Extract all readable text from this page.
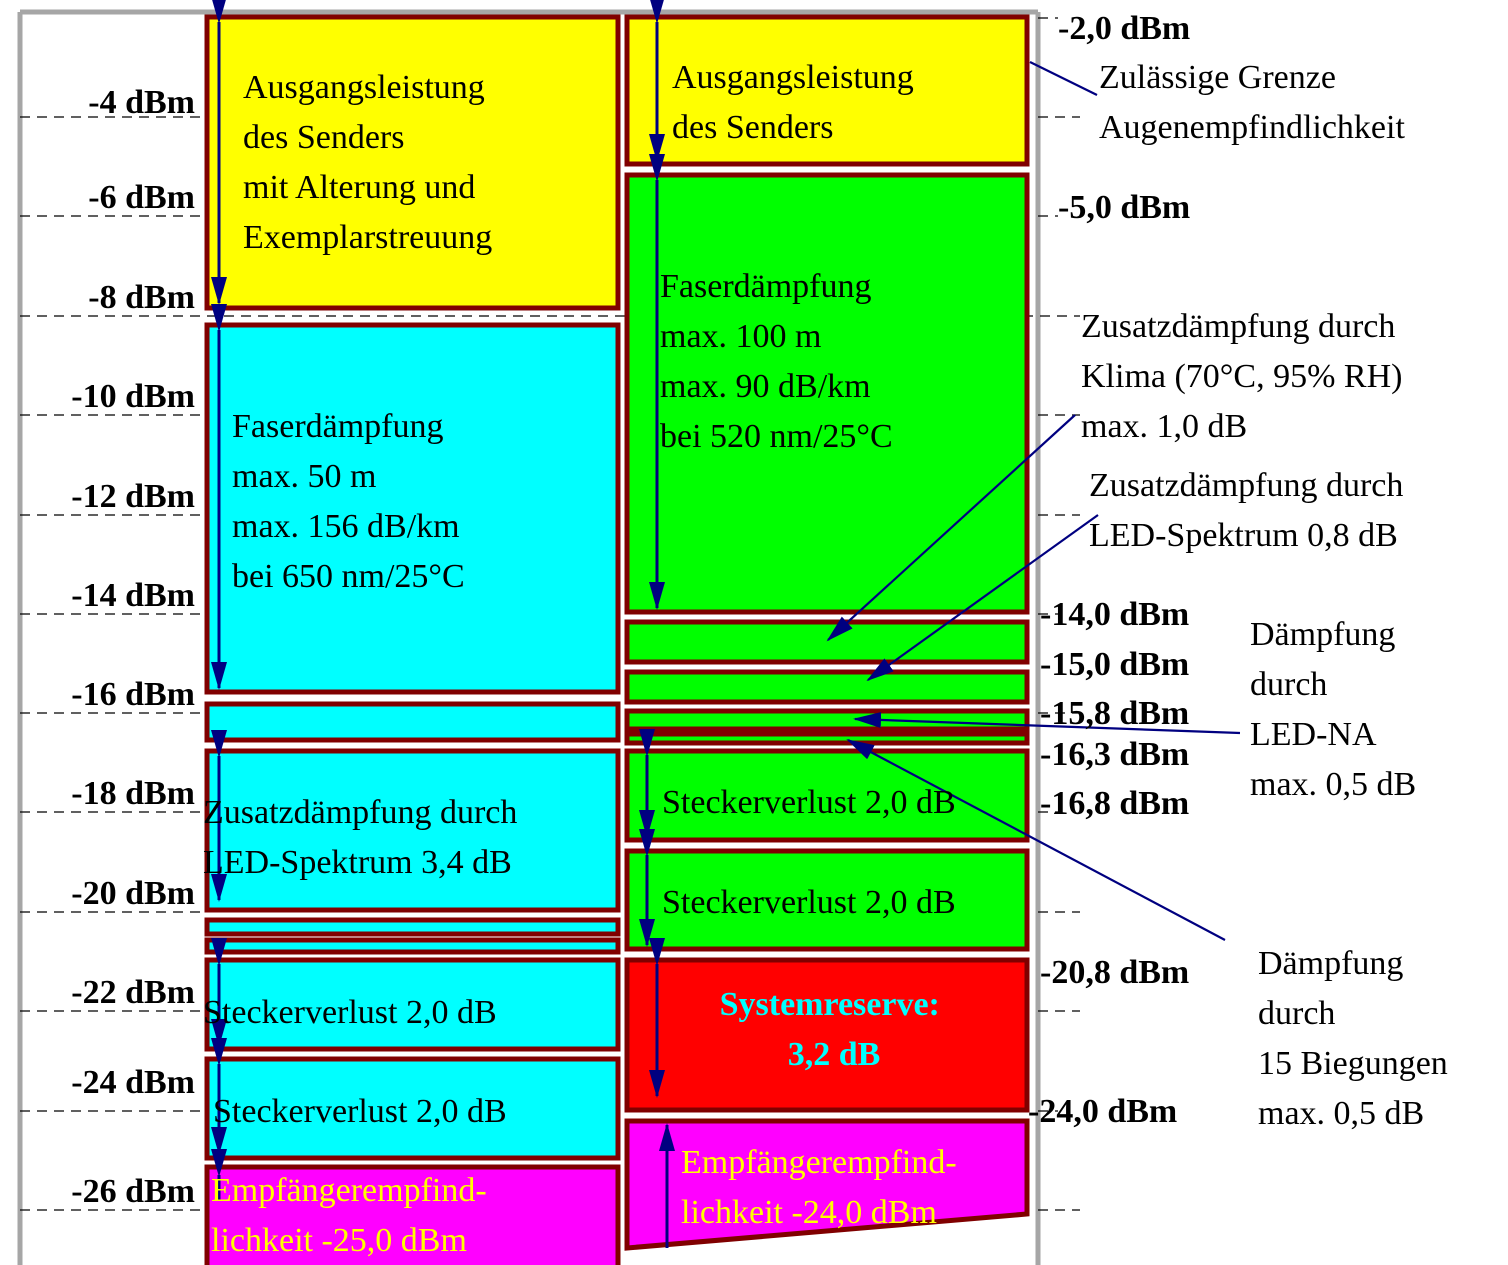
-4 dBm
-6 dBm
-8 dBm
-10 dBm
-12 dBm
-14 dBm
-16 dBm
-18 dBm
-20 dBm
-22 dBm
-24 dBm
-26 dBm
-2,0 dBm
-5,0 dBm
-14,0 dBm
-15,0 dBm
-15,8 dBm
-16,3 dBm
-16,8 dBm
-20,8 dBm
-24,0 dBm
Ausgangsleistung des Senders mit Alterung und Exemplarstreuung
Faserdämpfung max. 50 m max. 156 dB/km bei 650 nm/25°C
Zusatzdämpfung durch LED-Spektrum 3,4 dB
Steckerverlust 2,0 dB
Steckerverlust 2,0 dB
Empfängerempfind- lichkeit -25,0 dBm
Ausgangsleistung des Senders
Faserdämpfung max. 100 m max. 90 dB/km bei 520 nm/25°C
Steckerverlust 2,0 dB
Steckerverlust 2,0 dB
Systemreserve: 3,2 dB
Empfängerempfind- lichkeit -24,0 dBm
Zulässige Grenze Augenempfindlichkeit
Zusatzdämpfung durch Klima (70°C, 95% RH) max. 1,0 dB
Zusatzdämpfung durch LED-Spektrum 0,8 dB
Dämpfung durch LED-NA max. 0,5 dB
Dämpfung durch 15 Biegungen max. 0,5 dB
